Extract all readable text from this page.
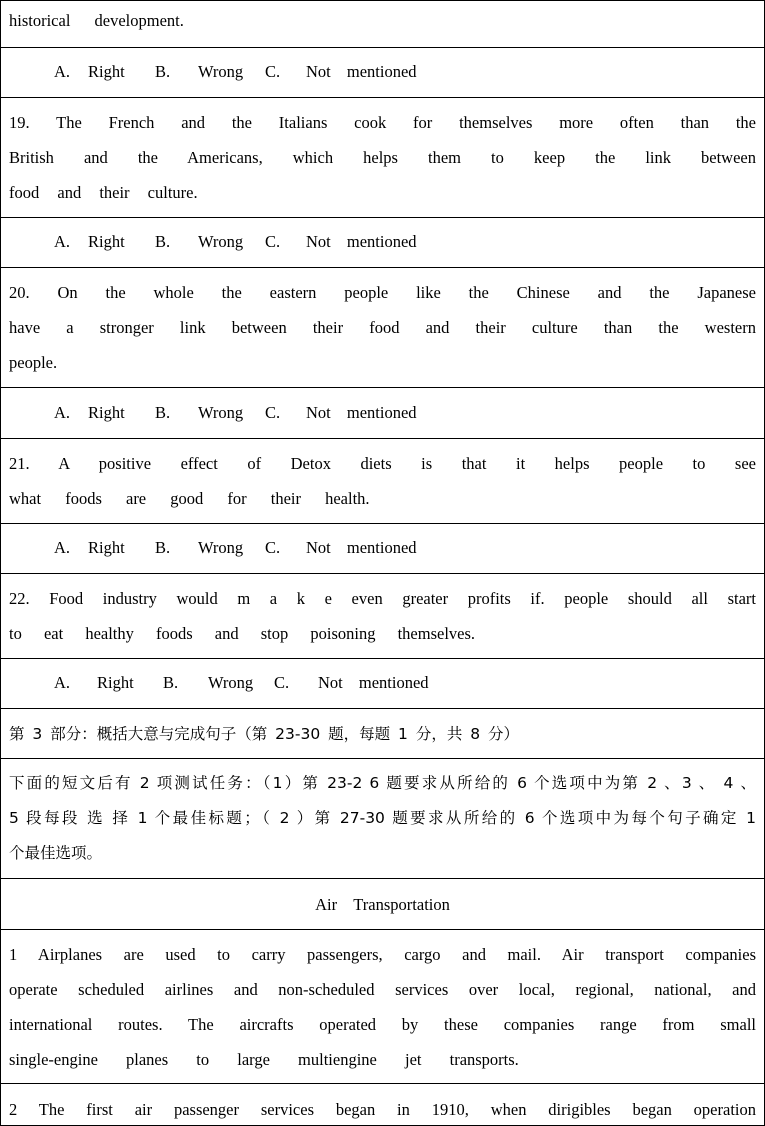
historical development.
A. Right B. Wrong C. Not mentioned
19. The French and the Italians cook for themselves more often than the
British and the Americans, which helps them to keep the link between
food and their culture.
A. Right B. Wrong C. Not mentioned
20. On the whole the eastern people like the Chinese and the Japanese
have a stronger link between their food and their culture than the western
people.
A. Right B. Wrong C. Not mentioned
21. A positive effect of Detox diets is that it helps people to see
what foods are good for their health.
A. Right B. Wrong C. Not mentioned
22. Food industry would m a k e even greater profits if. people should all start
to eat healthy foods and stop poisoning themselves.
A. Right B. Wrong C. Not mentioned
第 3 部分：概括大意与完成句子（第 23-30 题，每题 1 分，共 8 分）
下面的短文后有 2 项测试任务：（1）第 23-2 6 题要求从所给的 6 个选项中为第 2 、3 、 4 、
5 段每段 选 择 1 个最佳标题；（ 2 ）第 27-30 题要求从所给的 6 个选项中为每个句子确定 1
个最佳选项。
Air    Transportation
1 Airplanes are used to carry passengers, cargo and mail. Air transport companies
operate scheduled airlines and non-scheduled services over local, regional, national, and
international routes. The aircrafts operated by these companies range from small
single-engine planes to large multiengine jet transports.
2 The first air passenger services began in 1910, when dirigibles began operation
